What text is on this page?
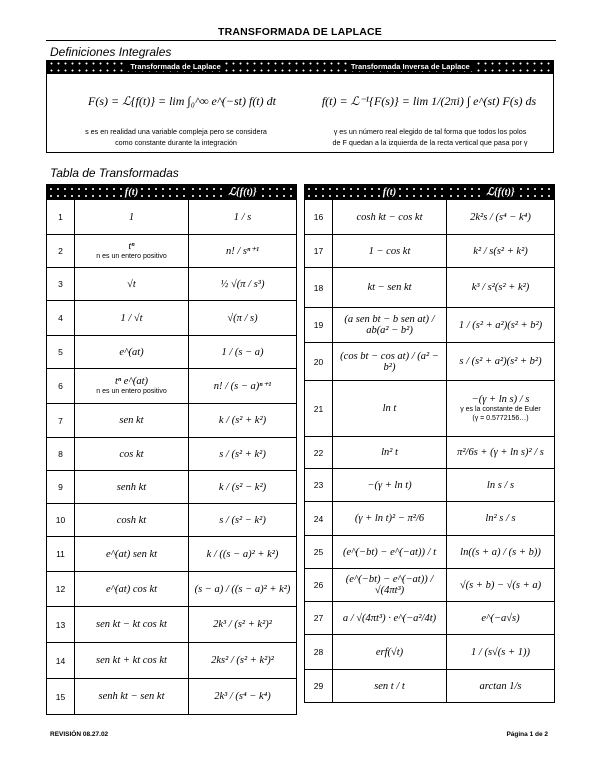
TRANSFORMADA DE LAPLACE
Definiciones Integrales
Transformada de Laplace	Transformada Inversa de Laplace
F(s) = ℒ{f(t)} = lim ∫₀^∞ e^(−st) f(t) dt
s es en realidad una variable compleja pero se considera
como constante durante la integración
f(t) = ℒ⁻¹{F(s)} = lim 1/(2πi) ∫ e^(st) F(s) ds
γ es un número real elegido de tal forma que todos los polos
de F quedan a la izquierda de la recta vertical que pasa por γ
Tabla de Transformadas
	f(t)	ℒ{f(t)}
1	1	1 / s

2	tⁿ
n es un entero positivo	n! / sⁿ⁺¹

3	√t	½ √(π / s³)

4	1 / √t	√(π / s)

5	e^(at)	1 / (s − a)

6	tⁿ e^(at)
n es un entero positivo	n! / (s − a)ⁿ⁺¹

7	sen kt	k / (s² + k²)

8	cos kt	s / (s² + k²)

9	senh kt	k / (s² − k²)

10	cosh kt	s / (s² − k²)

11	e^(at) sen kt	k / ((s − a)² + k²)

12	e^(at) cos kt	(s − a) / ((s − a)² + k²)

13	sen kt − kt cos kt	2k³ / (s² + k²)²

14	sen kt + kt cos kt	2ks² / (s² + k²)²

15	senh kt − sen kt	2k³ / (s⁴ − k⁴)
	f(t)	ℒ{f(t)}
16	cosh kt − cos kt	2k²s / (s⁴ − k⁴)

17	1 − cos kt	k² / s(s² + k²)

18	kt − sen kt	k³ / s²(s² + k²)

19	(a sen bt − b sen at) / ab(a² − b²)	1 / (s² + a²)(s² + b²)

20	(cos bt − cos at) / (a² − b²)	s / (s² + a²)(s² + b²)

21	ln t	−(γ + ln s) / s
γ es la constante de Euler
(γ = 0.5772156…)

22	ln² t	π²/6s + (γ + ln s)² / s

23	−(γ + ln t)	ln s / s

24	(γ + ln t)² − π²/6	ln² s / s

25	(e^(−bt) − e^(−at)) / t	ln((s + a) / (s + b))

26	(e^(−bt) − e^(−at)) / √(4πt³)	√(s + b) − √(s + a)

27	a / √(4πt³) · e^(−a²/4t)	e^(−a√s)

28	erf(√t)	1 / (s√(s + 1))

29	sen t / t	arctan 1/s
REVISIÓN 08.27.02	Página 1 de 2
